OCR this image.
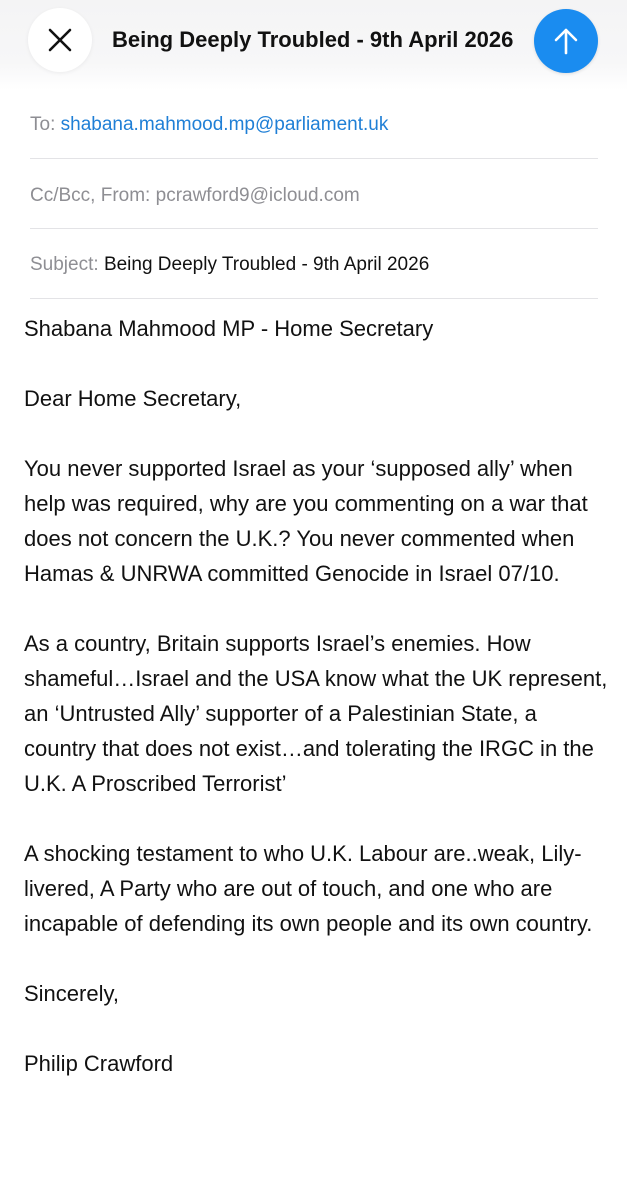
Being Deeply Troubled - 9th April 2026
To: shabana.mahmood.mp@parliament.uk
Cc/Bcc, From: pcrawford9@icloud.com
Subject: Being Deeply Troubled - 9th April 2026

Shabana Mahmood MP - Home Secretary

Dear Home Secretary,

You never supported Israel as your ‘supposed ally’ when help was required, why are you commenting on a war that does not concern the U.K.? You never commented when Hamas & UNRWA committed Genocide in Israel 07/10.

As a country, Britain supports Israel’s enemies. How shameful…Israel and the USA know what the UK represent, an ‘Untrusted Ally’ supporter of a Palestinian State, a country that does not exist…and tolerating the IRGC in the U.K. A Proscribed Terrorist’

A shocking testament to who U.K. Labour are..weak, Lily-livered, A Party who are out of touch, and one who are incapable of defending its own people and its own country.

Sincerely,

Philip Crawford
